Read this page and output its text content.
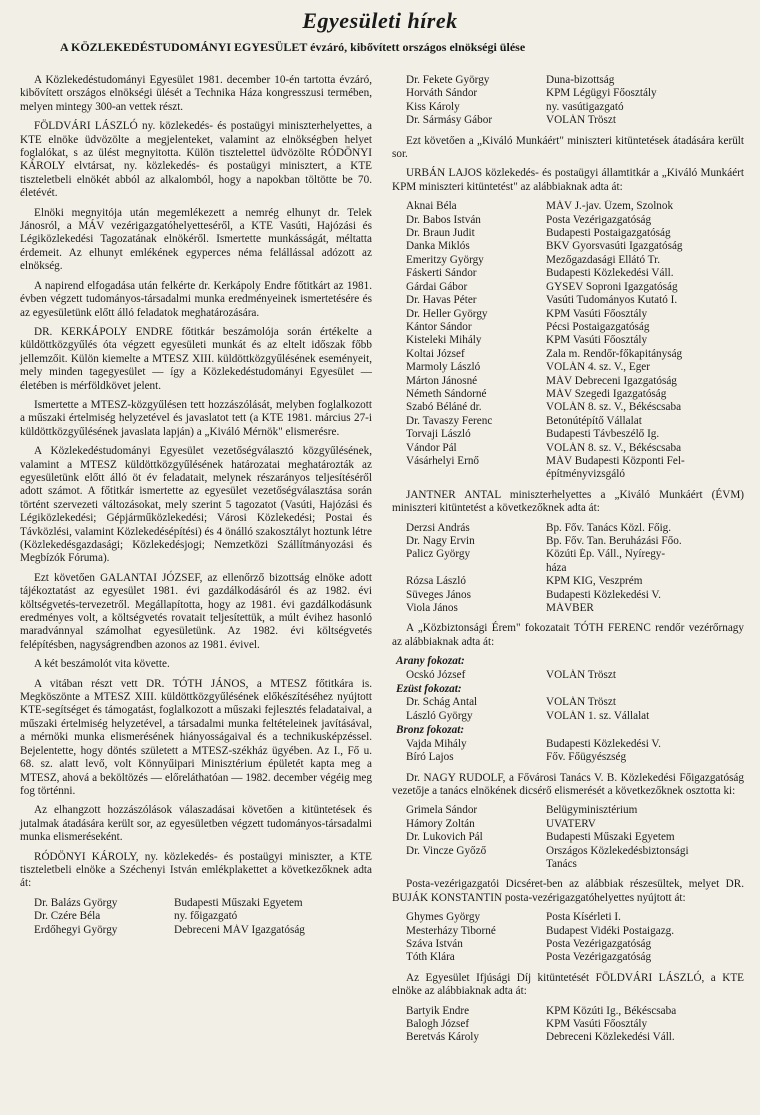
Egyesületi hírek
A KÖZLEKEDÉSTUDOMÁNYI EGYESÜLET évzáró, kibővített országos elnökségi ülése

A Közlekedéstudományi Egyesület 1981. december 10-én tartotta évzáró, kibővített országos elnökségi ülését a Technika Háza kongresszusi termében, melyen mintegy 300-an vettek részt.

FÖLDVÁRI LÁSZLÓ ny. közlekedés- és postaügyi miniszterhelyettes, a KTE elnöke üdvözölte a megjelenteket, valamint az elnökségben helyet foglalókat, s az ülést megnyitotta. Külön tisztelettel üdvözölte RÓDÖNYI KÁROLY elvtársat, ny. közlekedés- és postaügyi minisztert, a KTE tiszteletbeli elnökét abból az alkalomból, hogy a napokban töltötte be 70. életévét.

Elnöki megnyitója után megemlékezett a nemrég elhunyt dr. Telek Jánosról, a MÁV vezérigazgatóhelyetteséről, a KTE Vasúti, Hajózási és Légiközlekedési Tagozatának elnökéről. Ismertette munkásságát, méltatta érdemeit. Az elhunyt emlékének egyperces néma felállással adózott az elnökség.

A napirend elfogadása után felkérte dr. Kerkápoly Endre főtitkárt az 1981. évben végzett tudományos-társadalmi munka eredményeinek ismertetésére és az egyesületünk előtt álló feladatok meghatározására.

DR. KERKÁPOLY ENDRE főtitkár beszámolója során értékelte a küldöttközgyűlés óta végzett egyesületi munkát és az eltelt időszak főbb jellemzőit. Külön kiemelte a MTESZ XIII. küldöttközgyűlésének eseményeit, mely minden tagegyesület — így a Közlekedéstudományi Egyesület — életében is mérföldkövet jelent.

Ismertette a MTESZ-közgyűlésen tett hozzászólását, melyben foglalkozott a műszaki értelmiség helyzetével és javaslatot tett (a KTE 1981. március 27-i küldöttközgyűlésének javaslata lapján) a „Kiváló Mérnök" elismerésre.

A Közlekedéstudományi Egyesület vezetőségválasztó közgyűlésének, valamint a MTESZ küldöttközgyűlésének határozatai meghatározták az egyesületünk előtt álló öt év feladatait, melynek részarányos teljesítéséről adott számot. A főtitkár ismertette az egyesület vezetőségválasztása során történt szervezeti változásokat, mely szerint 5 tagozatot (Vasúti, Hajózási és Légiközlekedési; Gépjárműközlekedési; Városi Közlekedési; Postai és Távközlési, valamint Közlekedésépítési) és 4 önálló szakosztályt hoztunk létre (Közlekedésgazdasági; Közlekedésjogi; Nemzetközi Szállítmányozási és Megbízók Fóruma).

Ezt követően GALANTAI JÓZSEF, az ellenőrző bizottság elnöke adott tájékoztatást az egyesület 1981. évi gazdálkodásáról és az 1982. évi költségvetés-tervezetről. Megállapította, hogy az 1981. évi gazdálkodásunk eredményes volt, a költségvetés rovatait teljesítettük, a múlt évihez hasonló maradvánnyal számolhat egyesületünk. Az 1982. évi költségvetés felépítésben, nagyságrendben azonos az 1981. évivel.

A két beszámolót vita követte.

A vitában részt vett DR. TÓTH JÁNOS, a MTESZ főtitkára is. Megköszönte a MTESZ XIII. küldöttközgyűlésének előkészítéséhez nyújtott KTE-segítséget és támogatást, foglalkozott a műszaki fejlesztés feladataival, a műszaki értelmiség helyzetével, a társadalmi munka feltételeinek javításával, a mérnöki munka elismerésének hiányosságaival és a technikusképzéssel. Bejelentette, hogy döntés született a MTESZ-székház ügyében. Az I., Fő u. 68. sz. alatt levő, volt Könnyűipari Minisztérium épületét kapta meg a MTESZ, ahová a beköltözés — előreláthatóan — 1982. december végéig meg fog történni.

Az elhangzott hozzászólások válaszadásai követően a kitüntetések és jutalmak átadására került sor, az egyesületben végzett tudományos-társadalmi munka elismeréseként.

RÓDÖNYI KÁROLY, ny. közlekedés- és postaügyi miniszter, a KTE tiszteletbeli elnöke a Széchenyi István emlékplakettet a következőknek adta át:

Dr. Balázs György	Budapesti Műszaki Egyetem
Dr. Czére Béla	ny. főigazgató
Erdőhegyi György	Debreceni MÁV Igazgatóság
Dr. Fekete György	Duna-bizottság
Horváth Sándor	KPM Légügyi Főosztály
Kiss Károly	ny. vasútigazgató
Dr. Sármásy Gábor	VOLÁN Tröszt

Ezt követően a „Kiváló Munkáért" miniszteri kitüntetések átadására került sor.

URBÁN LAJOS közlekedés- és postaügyi államtitkár a „Kiváló Munkáért KPM miniszteri kitüntetést" az alábbiaknak adta át:

Aknai Béla	MÁV J.-jav. Üzem, Szolnok
Dr. Babos István	Posta Vezérigazgatóság
Dr. Braun Judit	Budapesti Postaigazgatóság
Danka Miklós	BKV Gyorsvasúti Igazgatóság
Emeritzy György	Mezőgazdasági Ellátó Tr.
Fáskerti Sándor	Budapesti Közlekedési Váll.
Gárdai Gábor	GYSEV Soproni Igazgatóság
Dr. Havas Péter	Vasúti Tudományos Kutató I.
Dr. Heller György	KPM Vasúti Főosztály
Kántor Sándor	Pécsi Postaigazgatóság
Kisteleki Mihály	KPM Vasúti Főosztály
Koltai József	Zala m. Rendőr-főkapitányság
Marmoly László	VOLÁN 4. sz. V., Eger
Márton Jánosné	MÁV Debreceni Igazgatóság
Németh Sándorné	MÁV Szegedi Igazgatóság
Szabó Béláné dr.	VOLÁN 8. sz. V., Békéscsaba
Dr. Tavaszy Ferenc	Betonútépítő Vállalat
Torvaji László	Budapesti Távbeszélő Ig.
Vándor Pál	VOLÁN 8. sz. V., Békéscsaba
Vásárhelyi Ernő	MÁV Budapesti Központi Fel-
építményvizsgáló

JANTNER ANTAL miniszterhelyettes a „Kiváló Munkáért (ÉVM) miniszteri kitüntetést a következőknek adta át:

Derzsi András	Bp. Főv. Tanács Közl. Főig.
Dr. Nagy Ervin	Bp. Főv. Tan. Beruházási Főo.
Palicz György	Közúti Ép. Váll., Nyíregy-
háza
Rózsa László	KPM KIG, Veszprém
Süveges János	Budapesti Közlekedési V.
Viola János	MÁVBER

A „Közbiztonsági Érem" fokozatait TÓTH FERENC rendőr vezérőrnagy az alábbiaknak adta át:

Arany fokozat:
Ocskó József	VOLÁN Tröszt
Ezüst fokozat:
Dr. Schág Antal	VOLÁN Tröszt
László György	VOLÁN 1. sz. Vállalat
Bronz fokozat:
Vajda Mihály	Budapesti Közlekedési V.
Bíró Lajos	Főv. Főügyészség

Dr. NAGY RUDOLF, a Fővárosi Tanács V. B. Közlekedési Főigazgatóság vezetője a tanács elnökének dicsérő elismerését a következőknek osztotta ki:

Grimela Sándor	Belügyminisztérium
Hámory Zoltán	UVATERV
Dr. Lukovich Pál	Budapesti Műszaki Egyetem
Dr. Vincze Győző	Országos Közlekedésbiztonsági
Tanács

Posta-vezérigazgatói Dicséret-ben az alábbiak részesültek, melyet DR. BUJÁK KONSTANTIN posta-vezérigazgatóhelyettes nyújtott át:

Ghymes György	Posta Kísérleti I.
Mesterházy Tiborné	Budapest Vidéki Postaigazg.
Száva István	Posta Vezérigazgatóság
Tóth Klára	Posta Vezérigazgatóság

Az Egyesület Ifjúsági Díj kitüntetését FÖLDVÁRI LÁSZLÓ, a KTE elnöke az alábbiaknak adta át:

Bartyik Endre	KPM Közúti Ig., Békéscsaba
Balogh József	KPM Vasúti Főosztály
Beretvás Károly	Debreceni Közlekedési Váll.
